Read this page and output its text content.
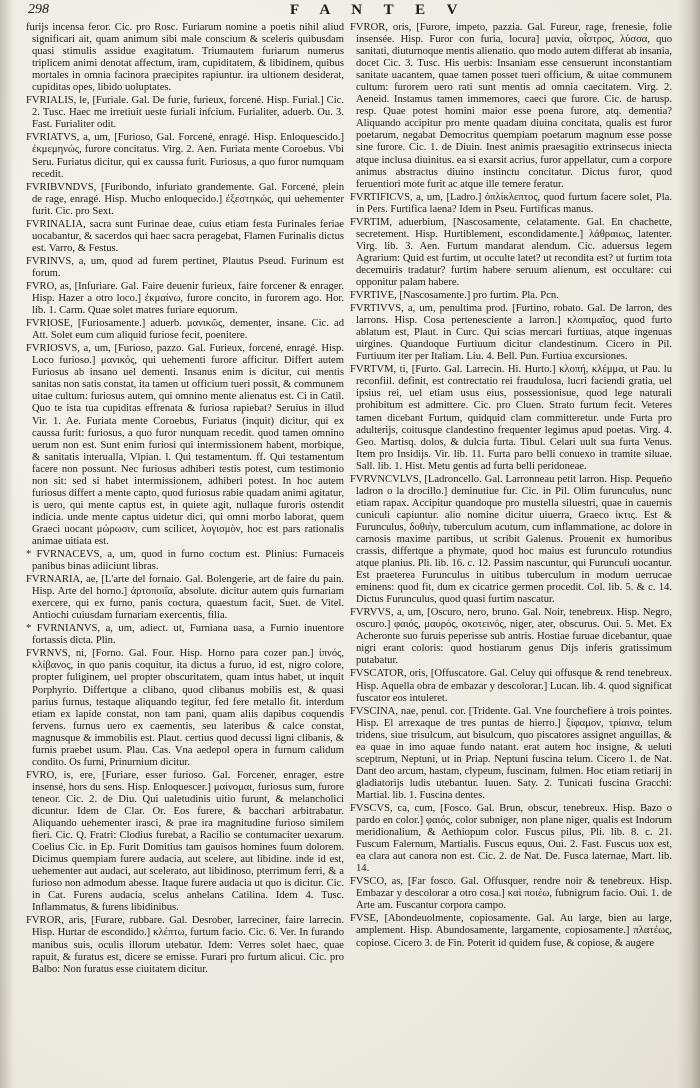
298	F A N T E V

furijs incensa feror. Cic. pro Rosc. Furiarum nomine a poetis nihil aliud significari ait, quam animum sibi male conscium & sceleris quibusdam quasi stimulis assidue exagitatum. Triumautem furiarum numerus triplicem animi denotat affectum, iram, cupiditatem, & libidinem, quibus mortales in omnia facinora praecipites rapiuntur. ira ultionem desiderat, cupiditas opes, libido uoluptates.

FVRIALIS, le, [Furiale. Gal. De furie, furieux, forcené. Hisp. Furial.] Cic. 2. Tusc. Haec me irretiuit ueste furiali infcium. Furialiter, aduerb. Ou. 3. Fast. Furialiter odit.

FVRIATVS, a, um, [Furioso, Gal. Forcené, enragé. Hisp. Enloquescido.] ἐκμεμηνώς, furore concitatus. Virg. 2. Aen. Furiata mente Coroebus. Vbi Seru. Furiatus dicitur, qui ex caussa furit. Furiosus, a quo furor numquam recedit.

FVRIBVNDVS, [Furibondo, infuriato grandemente. Gal. Forcené, plein de rage, enragé. Hisp. Mucho enloquecido.] ἐξεστηκώς, qui uehementer furit. Cic. pro Sext.

FVRINALIA, sacra sunt Furinae deae, cuius etiam festa Furinales feriae uocabantur, & sacerdos qui haec sacra peragebat, Flamen Furinalis dictus est. Varro, & Festus.

FVRINVS, a, um, quod ad furem pertinet, Plautus Pseud. Furinum est forum.

FVRO, as, [Infuriare. Gal. Faire deuenir furieux, faire forcener & enrager. Hisp. Hazer a otro loco.] ἐκμαίνω, furore concito, in furorem ago. Hor. lib. 1. Carm. Quae solet matres furiare equorum.

FVRIOSE, [Furiosamente.] aduerb. μανικῶς, dementer, insane. Cic. ad Att. Solet eum cum aliquid furiose fecit, poenitere.

FVRIOSVS, a, um, [Furioso, pazzo. Gal. Furieux, forcené, enragé. Hisp. Loco furioso.] μανικός, qui uehementi furore afficitur. Differt autem Furiosus ab insano uel dementi. Insanus enim is dicitur, cui mentis sanitas non satis constat, ita tamen ut officium tueri possit, & communem uitae cultum: furiosus autem, qui omnino mente alienatus est. Ci in Catil. Quo te ista tua cupiditas effrenata & furiosa rapiebat? Seruius in illud Vir. 1. Ae. Furiata mente Coroebus, Furiatus (inquit) dicitur, qui ex caussa furit: furiosus, a quo furor nunquam recedit. quod tamen omnino uerum non est. Sunt enim furiosi qui intermissionem habent, morbique, & sanitatis interualla, Vlpian. l. Qui testamentum. ff. Qui testamentum facere non possunt. Nec furiosus adhiberi testis potest, cum testimonio non sit: sed si habet intermissionem, adhiberi potest. In hoc autem furiosus differt a mente capto, quod furiosus rabie quadam animi agitatur, is uero, qui mente captus est, in quiete agit, nullaque furoris ostendit indicia. unde mente captus uidetur dici, qui omni morbo laborat, quem Graeci uocant μώρωσιν, cum scilicet, λογισμὸν, hoc est pars rationalis animae uitiata est.

* FVRNACEVS, a, um, quod in furno coctum est. Plinius: Furnaceis panibus binas adiiciunt libras.

FVRNARIA, ae, [L'arte del fornaio. Gal. Bolengerie, art de faire du pain. Hisp. Arte del horno.] ἀρτοποιΐα, absolute. dicitur autem quis furnariam exercere, qui ex furno, panis coctura, quaestum facit, Suet. de Vitel. Antiochi cuiusdam furnariam exercentis, filia.

* FVRNIANVS, a, um, adiect. ut, Furniana uasa, a Furnio inuentore fortassis dicta. Plin.

FVRNVS, ni, [Forno. Gal. Four. Hisp. Horno para cozer pan.] ἰπνός, κλίβανος, in quo panis coquitur, ita dictus a furuo, id est, nigro colore, propter fuliginem, uel propter obscuritatem, quam intus habet, ut inquit Porphyrio. Differtque a clibano, quod clibanus mobilis est, & quasi parius furnus, testaque aliquando tegitur, fed fere metallo fit. interdum etiam ex lapide constat, non tam pani, quam aliis dapibus coquendis fervens. furnus uero ex caementis, seu lateribus & calce constat, magnusque & immobilis est. Plaut. certius quod decussi ligni clibanis, & furnis praebet usum. Plau. Cas. Vna aedepol opera in furnum calidum condito. Os furni, Prinurnium dicitur.

FVRO, is, ere, [Furiare, esser furioso. Gal. Forcener, enrager, estre insensé, hors du sens. Hisp. Enloquescer.] μαίνομαι, furiosus sum, furore teneor. Cic. 2. de Diu. Qui ualetudinis uitio furunt, & melancholici dicuntur. Idem de Clar. Or. Eos furere, & bacchari arbitrabatur. Aliquando uehementer irasci, & prae ira magnitudine furioso similem fieri. Cic. Q. Fratri: Clodius furebat, a Racilio se contumaciter uexarum. Coelius Cic. in Ep. Furit Domitius tam gauisos homines fuum dolorem. Dicimus quempiam furere audacia, aut scelere, aut libidine. inde id est, uehementer aut audaci, aut scelerato, aut libidinoso, pterrimum ferri, & a furioso non admodum abesse. Itaque furere audacia ut quo is dicitur. Cic. in Cat. Furens audacia, scelus anhelans Catilina. Idem 4. Tusc. Inflammatus, & furens libidinibus.

FVROR, aris, [Furare, rubbare. Gal. Desrober, larreciner, faire larrecin. Hisp. Hurtar de escondido.] κλέπτω, furtum facio. Cic. 6. Ver. In furando manibus suis, oculis illorum utebatur. Idem: Verres solet haec, quae rapuit, & furatus est, dicere se emisse. Furari pro furtum alicui. Cic. pro Balbo: Non furatus esse ciuitatem dicitur.

FVROR, oris, [Furore, impeto, pazzia. Gal. Fureur, rage, frenesie, folie insensée. Hisp. Furor con furia, locura] μανία, οἶστρος, λύσσα, quo sanitati, diuturnoque mentis alienatio. quo modo autem differat ab insania, docet Cic. 3. Tusc. His uerbis: Insaniam esse censuerunt inconstantiam sanitate uacantem, quae tamen posset tueri officium, & uitae communem cultum: furorem uero rati sunt mentis ad omnia caecitatem. Virg. 2. Aeneid. Instamus tamen immemores, caeci que furore. Cic. de harusp. resp. Quae potest homini maior esse poena furore, atq. dementia? Aliquando accipitur pro mente quadam diuina concitata, qualis est furor poetarum, negabat Democritus quempiam poetarum magnum esse posse sine furore. Cic. 1. de Diuin. Inest animis praesagitio extrinsecus iniecta atque inclusa diuinitus. ea si exarsit acrius, furor appellatur, cum a corpore animus abstractus diuino instinctu concitatur. Dictus furor, quod feruentiori mote furit ac atque ille temere feratur.

FVRTIFICVS, a, um, [Ladro.] ὁπλίκλεπτος, quod furtum facere solet, Pla. in Pers. Furtifica laena? Idem in Pseu. Furtificas manus.

FVRTIM, aduerbium, [Nascosamente, celatamente. Gal. En chachette, secretement. Hisp. Hurtiblement, escondidamente.] λάθραιως, latenter. Virg. lib. 3. Aen. Furtum mandarat alendum. Cic. aduersus legem Agrarium: Quid est furtim, ut occulte latet? ut recondita est? ut furtim tota decemuiris tradatur? furtim habere seruum alienum, est occultare: cui opponitur palam habere.

FVRTIVE, [Nascosamente.] pro furtim. Pla. Pcn.

FVRTIVVS, a, um, penultima prod. [Furtino, robato. Gal. De larron, des larrons. Hisp. Cosa pertenesciente a larron.] κλοπιμαῖος, quod furto ablatum est, Plaut. in Curc. Qui scias mercari furtiuas, atque ingenuas uirgines. Quandoque Furtiuum dicitur clandestinum. Cicero in Pil. Furtiuum iter per Italiam. Liu. 4. Bell. Pun. Furtiua excursiones.

FVRTVM, ti, [Furto. Gal. Larrecin. Hi. Hurto.] κλοπή, κλέμμα, ut Pau. lu reconfiil. definit, est contrectatio rei fraudulosa, lucri faciendi gratia, uel ipsius rei, uel etiam usus eius, possessionisue, quod lege naturali prohibitum est admittere. Cic. pro Cluen. Strato furtum fecit. Veteres tamen dicebant Furtum, quidquid clam committeretur. unde Furta pro adulterijs, coitusque clandestino frequenter legimus apud poetas. Virg. 4. Geo. Martisq. dolos, & dulcia furta. Tibul. Celari uult sua furta Venus. Item pro Insidijs. Vir. lib. 11. Furta paro belli conuexo in tramite siluae. Sall. lib. 1. Hist. Metu gentis ad furta belli peridoneae.

FVRVNCVLVS, [Ladroncello. Gal. Larronneau petit larron. Hisp. Pequeño ladron o la drocillo.] deminutiue fur. Cic. in Pil. Olim furunculus, nunc etiam rapax. Accipitur quandoque pro mustella siluestri, quae in cauernis cuniculi capiuntur. alio nomine dicitur uiuerra, Graeco ἰκτις. Est & Furunculus, δοθιὴν, tuberculum acutum, cum inflammatione, ac dolore in carnosis maxime partibus, ut scribit Galenus. Prouenit ex humoribus crassis, differtque a phymate, quod hoc maius est furunculo rotundius atque planius. Pli. lib. 16. c. 12. Passim nascuntur, qui Furunculi uocantur. Est praeterea Furunculus in uitibus tuberculum in modum uerrucae eminens: quod fit, dum ex cicatrice germen procedit. Col. lib. 5. & c. 14. Dictus Furunculus, quod quasi furtim nascatur.

FVRVVS, a, um, [Oscuro, nero, bruno. Gal. Noir, tenebreux. Hisp. Negro, oscuro.] φαιός, μαυρός, σκοτεινός, niger, ater, obscurus. Oui. 5. Met. Ex Acheronte suo furuis peperisse sub antris. Hostiae furuae dicebantur, quae nigri erant coloris: quod hostiarum genus Dijs inferis gratissimum putabatur.

FVSCATOR, oris, [Offuscatore. Gal. Celuy qui offusque & rend tenebreux. Hisp. Aquella obra de embazar y descolorar.] Lucan. lib. 4. quod significat fuscator eos intuleret.

FVSCINA, nae, penul. cor. [Tridente. Gal. Vne fourchefiere à trois pointes. Hisp. El arrexaque de tres puntas de hierro.] ξίφαμον, τρίαινα, telum tridens, siue trisulcum, aut bisulcum, quo piscatores assignet anguillas, & ea quae in imo aquae fundo natant. erat autem hoc insigne, & ueluti sceptrum, Neptuni, ut in Priap. Neptuni fuscina telum. Cicero 1. de Nat. Dant deo arcum, hastam, clypeum, fuscinam, fulmen. Hoc etiam retiarij in gladiatorijs ludis utebantur. Iuuen. Saty. 2. Tunicati fuscina Gracchi: Martial. lib. 1. Fuscina dentes.

FVSCVS, ca, cum, [Fosco. Gal. Brun, obscur, tenebreux. Hisp. Bazo o pardo en color.] φαιός, color subniger, non plane niger, qualis est Indorum meridionalium, & Aethiopum color. Fuscus pilus, Pli. lib. 8. c. 21. Fuscum Falernum, Martialis. Fuscus equus, Oui. 2. Fast. Fuscus uox est, ea clara aut canora non est. Cic. 2. de Nat. De. Fusca laternae, Mart. lib. 14.

FVSCO, as, [Far fosco. Gal. Offusquer, rendre noir & tenebreux. Hisp. Embazar y descolorar a otro cosa.] καὶ ποιέω, fubnigrum facio. Oui. 1. de Arte am. Fuscantur corpora campo.

FVSE, [Abondeuolmente, copiosamente. Gal. Au large, bien au large, amplement. Hisp. Abundosamente, largamente, copiosamente.] πλατέως, copiose. Cicero 3. de Fin. Poterit id quidem fuse, & copiose, & augere
